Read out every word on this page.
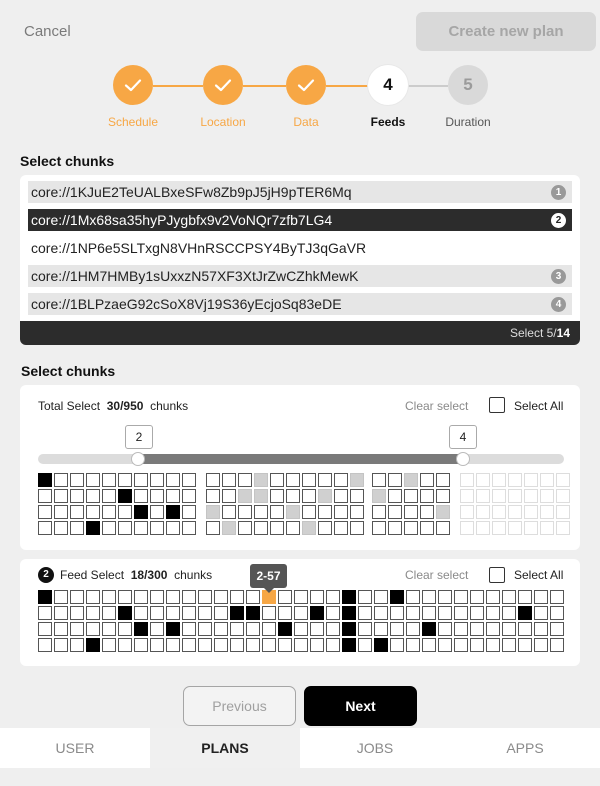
Cancel	Create new plan
Schedule	Location	Data
4
Feeds
5
Duration
Select chunks
core://1KJuE2TeUALBxeSFw8Zb9pJ5jH9pTER6Mq	1
core://1Mx68sa35hyPJygbfx9v2VoNQr7zfb7LG4	2
core://1NP6e5SLTxgN8VHnRSCCPSY4ByTJ3qGaVR
core://1HM7HMBy1sUxxzN57XF3XtJrZwCZhkMewK	3
core://1BLPzaeG92cSoX8Vj19S36yEcjoSq83eDE	4
Select 5/14
Select chunks
Total Select 30/950 chunks	Clear select	Select All
2	4
2 Feed Select 18/300 chunks	Clear select	Select All
2-57
Previous	Next
USER	PLANS	JOBS	APPS
